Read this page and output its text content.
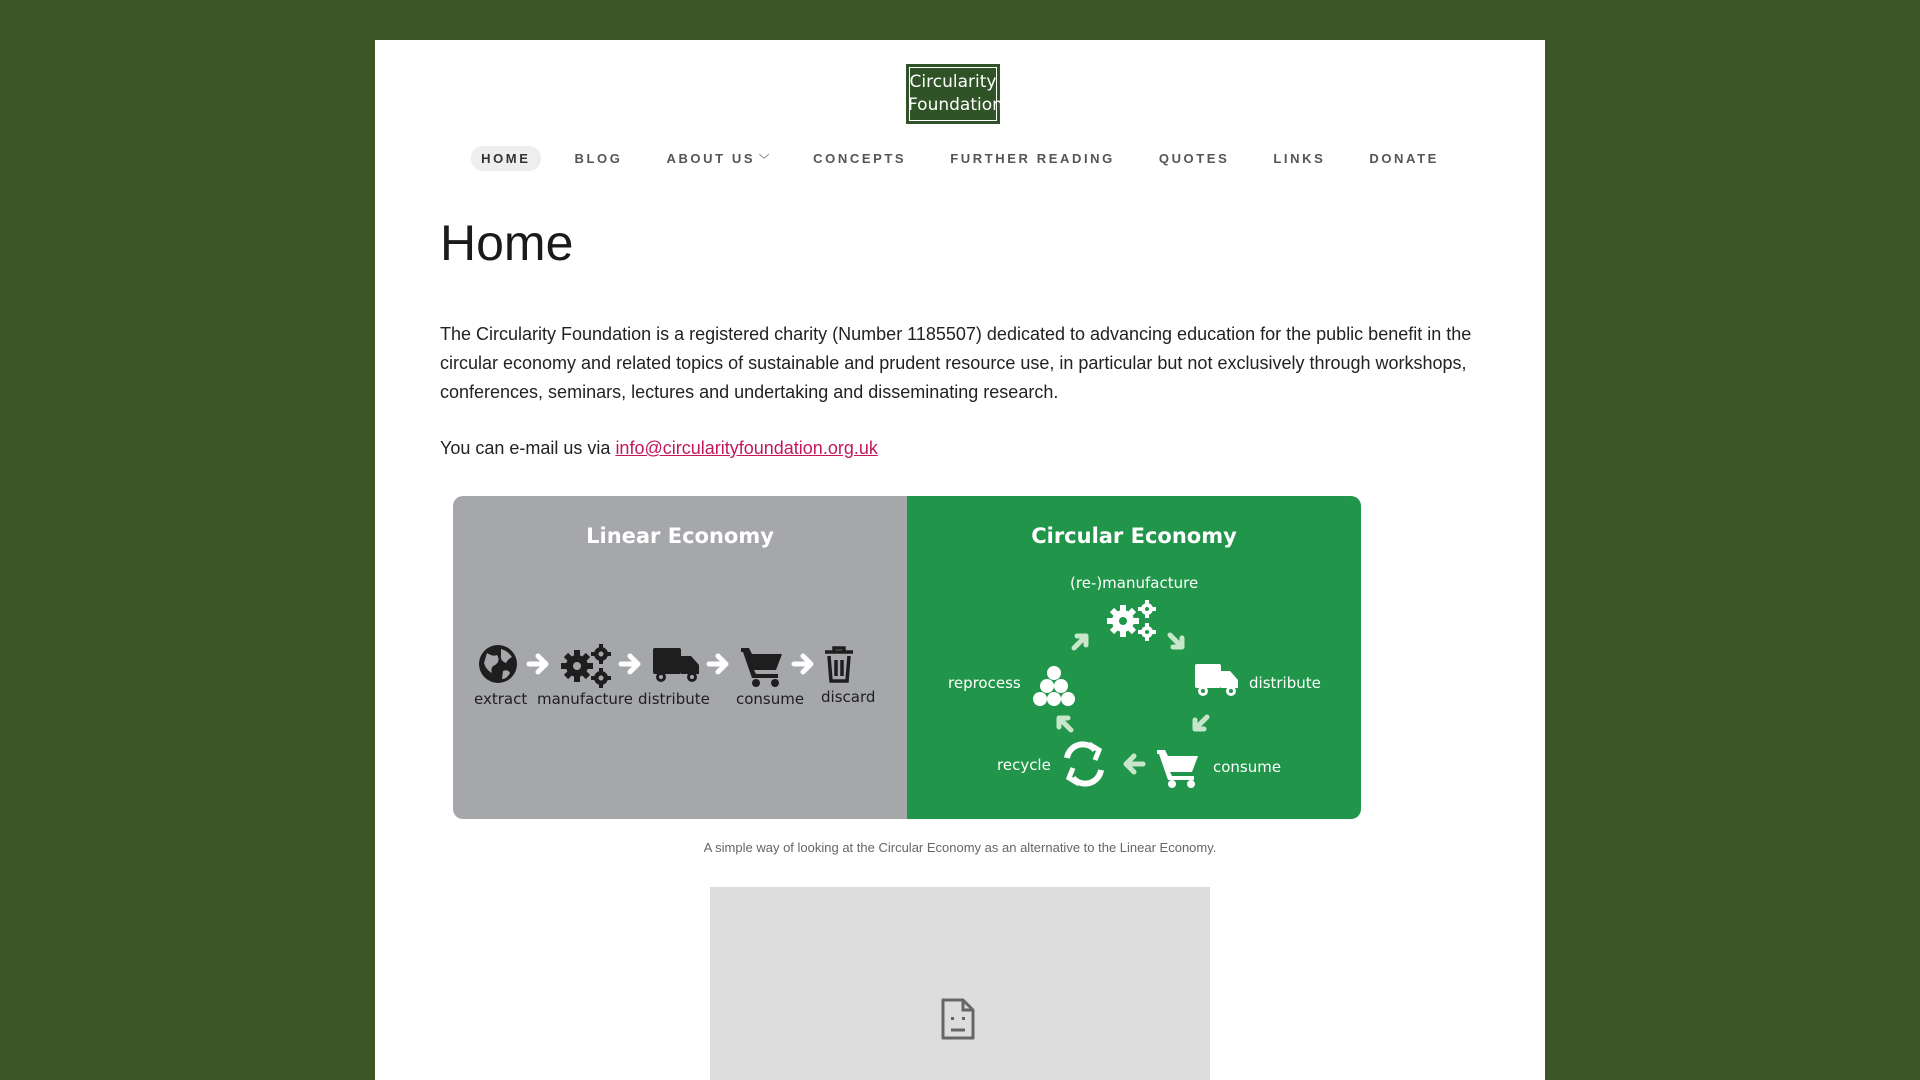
Circularity
Foundation
HOME	BLOG	ABOUT US ﹀	CONCEPTS	FURTHER READING	QUOTES	LINKS	DONATE
Home

The Circularity Foundation is a registered charity (Number 1185507) dedicated to advancing education for the public benefit in the circular economy and related topics of sustainable and prudent resource use, in particular but not exclusively through workshops, conferences, seminars, lectures and undertaking and disseminating research.

You can e-mail us via info@circularityfoundation.org.uk

Linear Economy
extract manufacture distribute consume discard
Circular Economy
(re-)manufacture
distribute
consume
recycle
reprocess
A simple way of looking at the Circular Economy as an alternative to the Linear Economy.
